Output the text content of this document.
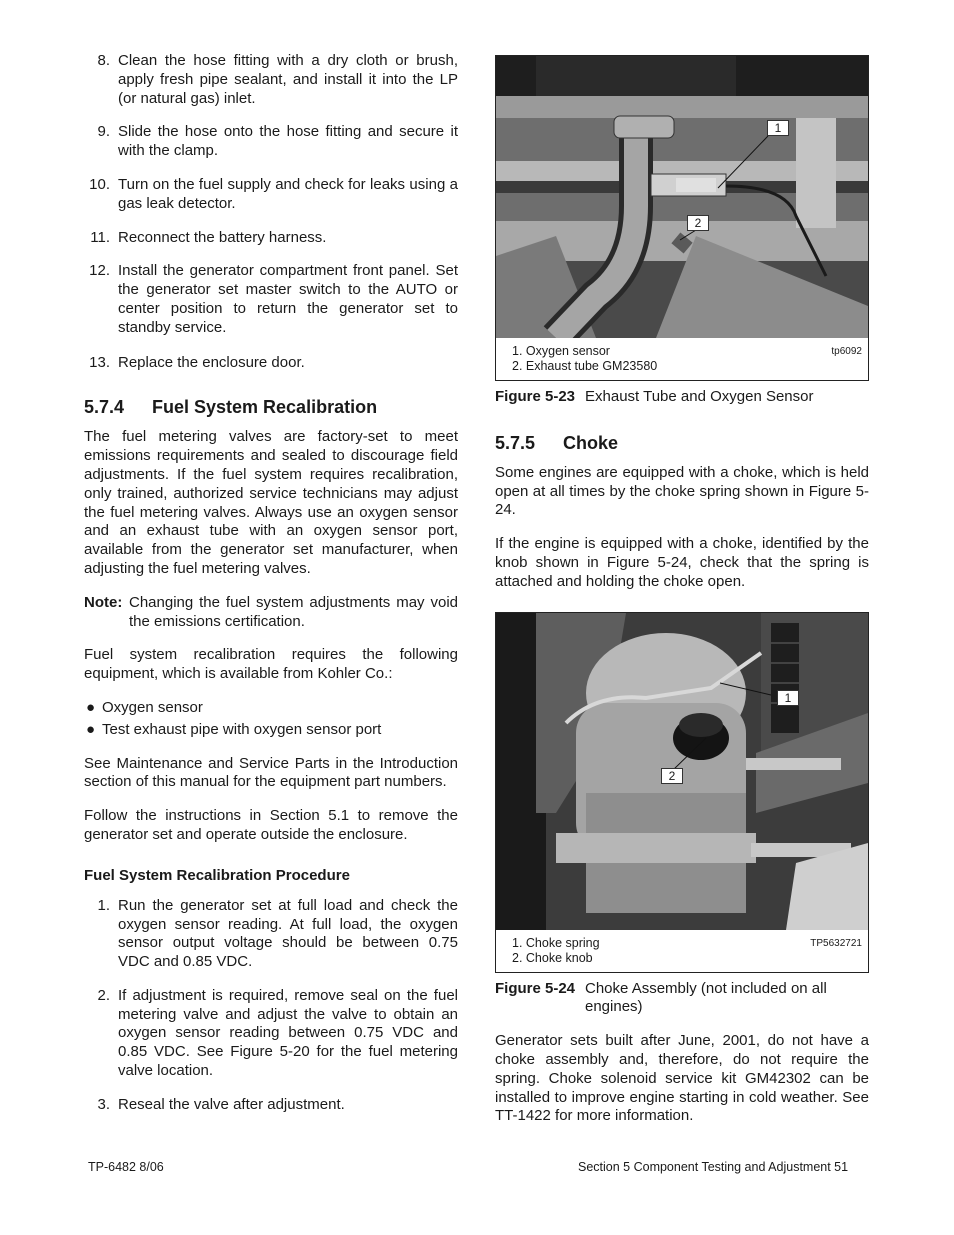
8. Clean the hose fitting with a dry cloth or brush, apply fresh pipe sealant, and install it into the LP (or natural gas) inlet.
9. Slide the hose onto the hose fitting and secure it with the clamp.
10. Turn on the fuel supply and check for leaks using a gas leak detector.
11. Reconnect the battery harness.
12. Install the generator compartment front panel. Set the generator set master switch to the AUTO or center position to return the generator set to standby service.
13. Replace the enclosure door.
5.7.4 Fuel System Recalibration

The fuel metering valves are factory-set to meet emissions requirements and sealed to discourage field adjustments. If the fuel system requires recalibration, only trained, authorized service technicians may adjust the fuel metering valves. Always use an oxygen sensor and an exhaust tube with an oxygen sensor port, available from the generator set manufacturer, when adjusting the fuel metering valves.

Note: Changing the fuel system adjustments may void the emissions certification.

Fuel system recalibration requires the following equipment, which is available from Kohler Co.:

● Oxygen sensor
● Test exhaust pipe with oxygen sensor port

See Maintenance and Service Parts in the Introduction section of this manual for the equipment part numbers.

Follow the instructions in Section 5.1 to remove the generator set and operate outside the enclosure.

Fuel System Recalibration Procedure
1. Run the generator set at full load and check the oxygen sensor reading. At full load, the oxygen sensor output voltage should be between 0.75 VDC and 0.85 VDC.
2. If adjustment is required, remove seal on the fuel metering valve and adjust the valve to obtain an oxygen sensor reading between 0.75 VDC and 0.85 VDC. See Figure 5-20 for the fuel metering valve location.
3. Reseal the valve after adjustment.
1
2
1. Oxygen sensor
2. Exhaust tube GM23580
tp6092
Figure 5-23 Exhaust Tube and Oxygen Sensor
5.7.5 Choke

Some engines are equipped with a choke, which is held open at all times by the choke spring shown in Figure 5-24.

If the engine is equipped with a choke, identified by the knob shown in Figure 5-24, check that the spring is attached and holding the choke open.

1
2
1. Choke spring
2. Choke knob
TP5632721
Figure 5-24 Choke Assembly (not included on all engines)

Generator sets built after June, 2001, do not have a choke assembly and, therefore, do not require the spring. Choke solenoid service kit GM42302 can be installed to improve engine starting in cold weather. See TT-1422 for more information.

TP-6482 8/06	Section 5 Component Testing and Adjustment 51
